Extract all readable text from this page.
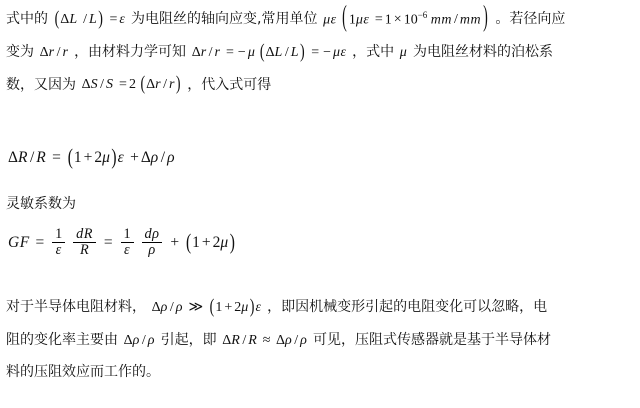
式中的 (ΔL / L) = ε 为电阻丝的轴向应变,常用单位 με ( $1\mu\varepsilon = 1 \times 10^{-6}$ mm / mm ) 。若径向应
变为 Δr / r ，由材料力学可知 Δr / r = − μ (ΔL / L) = − με ，式中 μ 为电阻丝材料的泊松系
数，又因为 ΔS / S = 2 (Δr / r) ，代入式可得
ΔR / R = (1 + 2μ)ε + Δρ / ρ
灵敏系数为
GF = $\frac{1}{\varepsilon}$
$\frac{dR}{R} = \frac{1}{\varepsilon}$
$\frac{d\rho}{\rho} + (1 + 2\mu)$
对于半导体电阻材料， Δρ / ρ ≫ (1 + 2μ)ε ，即因机械变形引起的电阻变化可以忽略，电
阻的变化率主要由 Δρ / ρ 引起，即 ΔR / R ≈ Δρ / ρ 可见，压阻式传感器就是基于半导体材
料的压阻效应而工作的。
